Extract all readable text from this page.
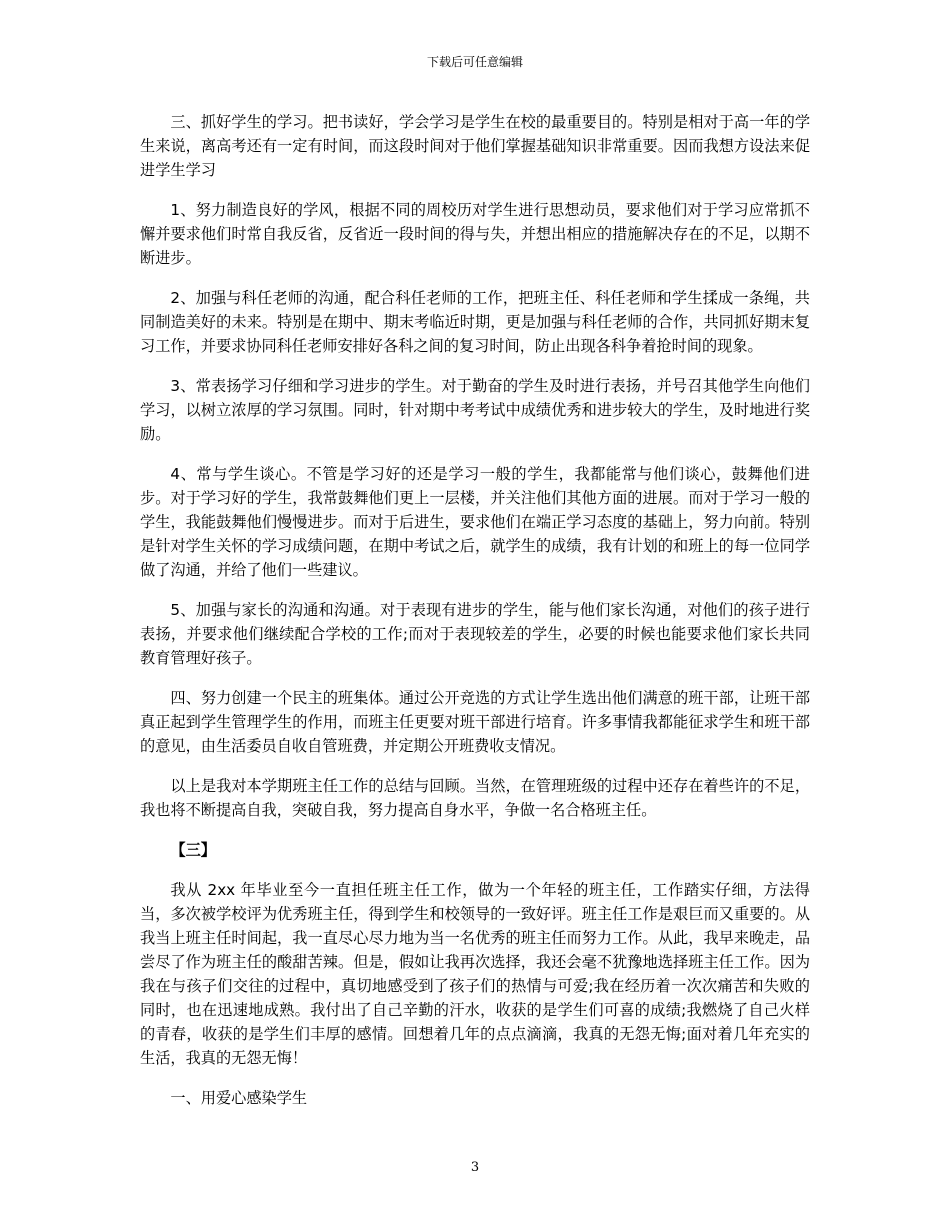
下载后可任意编辑

三、抓好学生的学习。把书读好，学会学习是学生在校的最重要目的。特别是相对于高一年的学生来说，离高考还有一定有时间，而这段时间对于他们掌握基础知识非常重要。因而我想方设法来促进学生学习

1、努力制造良好的学风，根据不同的周校历对学生进行思想动员，要求他们对于学习应常抓不懈并要求他们时常自我反省，反省近一段时间的得与失，并想出相应的措施解决存在的不足，以期不断进步。

2、加强与科任老师的沟通，配合科任老师的工作，把班主任、科任老师和学生揉成一条绳，共同制造美好的未来。特别是在期中、期末考临近时期，更是加强与科任老师的合作，共同抓好期末复习工作，并要求协同科任老师安排好各科之间的复习时间，防止出现各科争着抢时间的现象。

3、常表扬学习仔细和学习进步的学生。对于勤奋的学生及时进行表扬，并号召其他学生向他们学习，以树立浓厚的学习氛围。同时，针对期中考考试中成绩优秀和进步较大的学生，及时地进行奖励。

4、常与学生谈心。不管是学习好的还是学习一般的学生，我都能常与他们谈心，鼓舞他们进步。对于学习好的学生，我常鼓舞他们更上一层楼，并关注他们其他方面的进展。而对于学习一般的学生，我能鼓舞他们慢慢进步。而对于后进生，要求他们在端正学习态度的基础上，努力向前。特别是针对学生关怀的学习成绩问题，在期中考试之后，就学生的成绩，我有计划的和班上的每一位同学做了沟通，并给了他们一些建议。

5、加强与家长的沟通和沟通。对于表现有进步的学生，能与他们家长沟通，对他们的孩子进行表扬，并要求他们继续配合学校的工作;而对于表现较差的学生，必要的时候也能要求他们家长共同教育管理好孩子。

四、努力创建一个民主的班集体。通过公开竞选的方式让学生选出他们满意的班干部，让班干部真正起到学生管理学生的作用，而班主任更要对班干部进行培育。许多事情我都能征求学生和班干部的意见，由生活委员自收自管班费，并定期公开班费收支情况。

以上是我对本学期班主任工作的总结与回顾。当然，在管理班级的过程中还存在着些许的不足，我也将不断提高自我，突破自我，努力提高自身水平，争做一名合格班主任。

【三】

我从 2xx 年毕业至今一直担任班主任工作，做为一个年轻的班主任，工作踏实仔细，方法得当，多次被学校评为优秀班主任，得到学生和校领导的一致好评。班主任工作是艰巨而又重要的。从我当上班主任时间起，我一直尽心尽力地为当一名优秀的班主任而努力工作。从此，我早来晚走，品尝尽了作为班主任的酸甜苦辣。但是，假如让我再次选择，我还会毫不犹豫地选择班主任工作。因为我在与孩子们交往的过程中，真切地感受到了孩子们的热情与可爱;我在经历着一次次痛苦和失败的同时，也在迅速地成熟。我付出了自己辛勤的汗水，收获的是学生们可喜的成绩;我燃烧了自己火样的青春，收获的是学生们丰厚的感情。回想着几年的点点滴滴，我真的无怨无悔;面对着几年充实的生活，我真的无怨无悔！

一、用爱心感染学生

3
